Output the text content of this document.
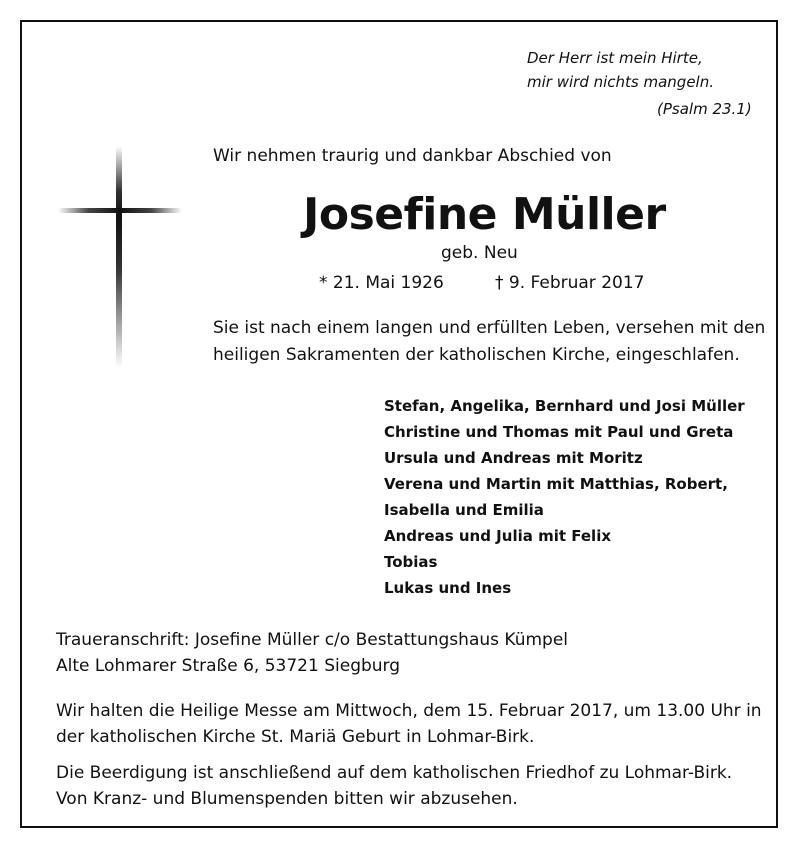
Der Herr ist mein Hirte,
mir wird nichts mangeln.
(Psalm 23.1)
Wir nehmen traurig und dankbar Abschied von
Josefine Müller
geb. Neu
* 21. Mai 1926	† 9. Februar 2017
Sie ist nach einem langen und erfüllten Leben, versehen mit den
heiligen Sakramenten der katholischen Kirche, eingeschlafen.
Stefan, Angelika, Bernhard und Josi Müller
Christine und Thomas mit Paul und Greta
Ursula und Andreas mit Moritz
Verena und Martin mit Matthias, Robert,
Isabella und Emilia
Andreas und Julia mit Felix
Tobias
Lukas und Ines
Traueranschrift: Josefine Müller c/o Bestattungshaus Kümpel
Alte Lohmarer Straße 6, 53721 Siegburg
Wir halten die Heilige Messe am Mittwoch, dem 15. Februar 2017, um 13.00 Uhr in
der katholischen Kirche St. Mariä Geburt in Lohmar-Birk.
Die Beerdigung ist anschließend auf dem katholischen Friedhof zu Lohmar-Birk.
Von Kranz- und Blumenspenden bitten wir abzusehen.
